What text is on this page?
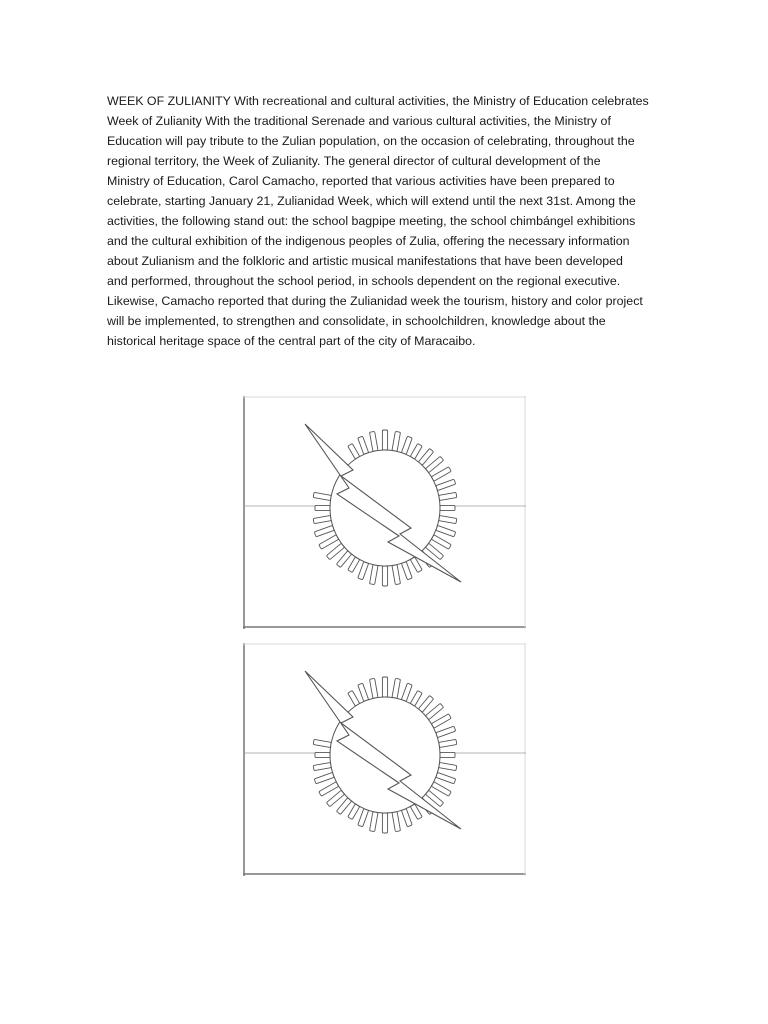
WEEK OF ZULIANITY With recreational and cultural activities, the Ministry of Education celebrates
Week of Zulianity With the traditional Serenade and various cultural activities, the Ministry of
Education will pay tribute to the Zulian population, on the occasion of celebrating, throughout the
regional territory, the Week of Zulianity. The general director of cultural development of the
Ministry of Education, Carol Camacho, reported that various activities have been prepared to
celebrate, starting January 21, Zulianidad Week, which will extend until the next 31st. Among the
activities, the following stand out: the school bagpipe meeting, the school chimbángel exhibitions
and the cultural exhibition of the indigenous peoples of Zulia, offering the necessary information
about Zulianism and the folkloric and artistic musical manifestations that have been developed
and performed, throughout the school period, in schools dependent on the regional executive.
Likewise, Camacho reported that during the Zulianidad week the tourism, history and color project
will be implemented, to strengthen and consolidate, in schoolchildren, knowledge about the
historical heritage space of the central part of the city of Maracaibo.
